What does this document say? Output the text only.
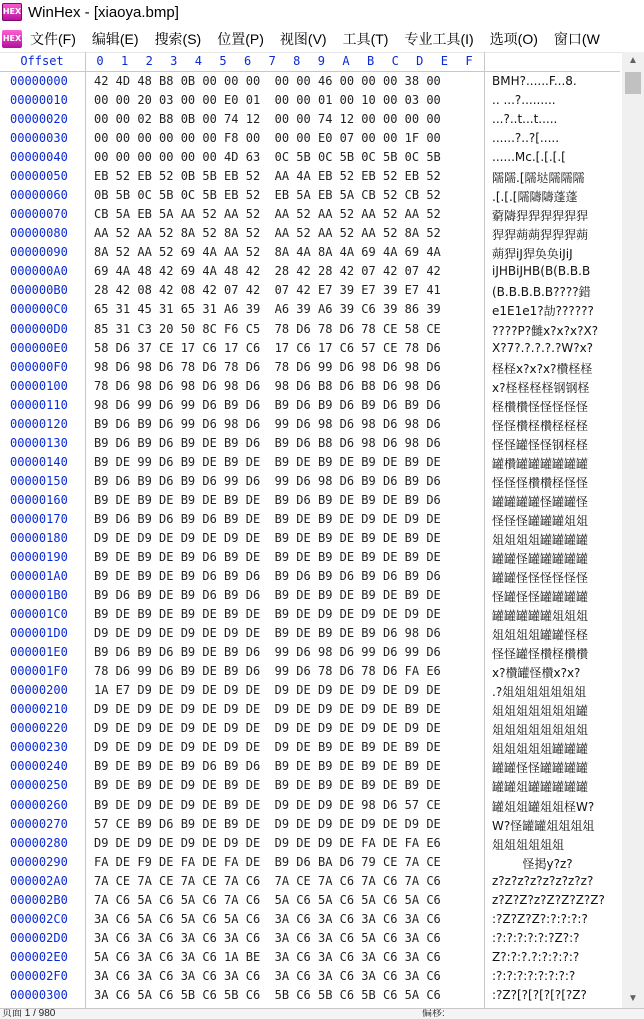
HEX WinHex - [xiaoya.bmp]
HEX 文件(F)	编辑(E)	搜索(S)	位置(P)	视图(V)	工具(T)	专业工具(I)	选项(O)	窗口(W
Offset	0	1	2	3	4	5	6	7	8	9	A	B	C	D	E	F
00000000 42 4D 48 B8 0B 00 00 00  00 00 46 00 00 00 38 00	BMH?......F...8.
00000010 00 00 20 03 00 00 E0 01  00 00 01 00 10 00 03 00	.. ...?.........
00000020 00 00 02 B8 0B 00 74 12  00 00 74 12 00 00 00 00	...?..t...t.....
00000030 00 00 00 00 00 00 F8 00  00 00 E0 07 00 00 1F 00	......?..?[.....
00000040 00 00 00 00 00 00 4D 63  0C 5B 0C 5B 0C 5B 0C 5B	......Mc.[.[.[.[
00000050 EB 52 EB 52 0B 5B EB 52  AA 4A EB 52 EB 52 EB 52	隭隭.[隭垯隭隭隭
00000060 0B 5B 0C 5B 0C 5B EB 52  EB 5A EB 5A CB 52 CB 52	.[.[.[隭隯隯蓬蓬
00000070 CB 5A EB 5A AA 52 AA 52  AA 52 AA 52 AA 52 AA 52	藭隯猂猂猂猂猂猂
00000080 AA 52 AA 52 8A 52 8A 52  AA 52 AA 52 AA 52 8A 52	猂猂蒴蒴猂猂猂蒴
00000090 8A 52 AA 52 69 4A AA 52  8A 4A 8A 4A 69 4A 69 4A	蒴猂iJ猂奂奂iJiJ
000000A0 69 4A 48 42 69 4A 48 42  28 42 28 42 07 42 07 42	iJHBiJHB(B(B.B.B
000000B0 28 42 08 42 08 42 07 42  07 42 E7 39 E7 39 E7 41	(B.B.B.B.B????錯
000000C0 65 31 45 31 65 31 A6 39  A6 39 A6 39 C6 39 86 39	e1E1e1?劼??????
000000D0 85 31 C3 20 50 8C F6 C5  78 D6 78 D6 78 CE 58 CE	????P?雠x?x?x?X?
000000E0 58 D6 37 CE 17 C6 17 C6  17 C6 17 C6 57 CE 78 D6	X?7?.?.?.?.?W?x?
000000F0 98 D6 98 D6 78 D6 78 D6  78 D6 99 D6 98 D6 98 D6	柽柽x?x?x?欑柽柽
00000100 78 D6 98 D6 98 D6 98 D6  98 D6 B8 D6 B8 D6 98 D6	x?柽柽柽柽钢钢柽
00000110 98 D6 99 D6 99 D6 B9 D6  B9 D6 B9 D6 B9 D6 B9 D6	柽欑欑怪怪怪怪怪
00000120 B9 D6 B9 D6 99 D6 98 D6  99 D6 98 D6 98 D6 98 D6	怪怪欑柽欑柽柽柽
00000130 B9 D6 B9 D6 B9 DE B9 D6  B9 D6 B8 D6 98 D6 98 D6	怪怪罐怪怪钢柽柽
00000140 B9 DE 99 D6 B9 DE B9 DE  B9 DE B9 DE B9 DE B9 DE	罐欑罐罐罐罐罐罐
00000150 B9 D6 B9 D6 B9 D6 99 D6  99 D6 98 D6 B9 D6 B9 D6	怪怪怪欑欑柽怪怪
00000160 B9 DE B9 DE B9 DE B9 DE  B9 D6 B9 DE B9 DE B9 D6	罐罐罐罐怪罐罐怪
00000170 B9 D6 B9 D6 B9 D6 B9 DE  B9 DE B9 DE D9 DE D9 DE	怪怪怪罐罐罐俎俎
00000180 D9 DE D9 DE D9 DE D9 DE  B9 DE B9 DE B9 DE B9 DE	俎俎俎俎罐罐罐罐
00000190 B9 DE B9 DE B9 D6 B9 DE  B9 DE B9 DE B9 DE B9 DE	罐罐怪罐罐罐罐罐
000001A0 B9 DE B9 DE B9 D6 B9 D6  B9 D6 B9 D6 B9 D6 B9 D6	罐罐怪怪怪怪怪怪
000001B0 B9 D6 B9 DE B9 D6 B9 D6  B9 DE B9 DE B9 DE B9 DE	怪罐怪怪罐罐罐罐
000001C0 B9 DE B9 DE B9 DE B9 DE  B9 DE D9 DE D9 DE D9 DE	罐罐罐罐罐俎俎俎
000001D0 D9 DE D9 DE D9 DE D9 DE  B9 DE B9 DE B9 D6 98 D6	俎俎俎俎罐罐怪柽
000001E0 B9 D6 B9 D6 B9 DE B9 D6  99 D6 98 D6 99 D6 99 D6	怪怪罐怪欑柽欑欑
000001F0 78 D6 99 D6 B9 DE B9 D6  99 D6 78 D6 78 D6 FA E6	x?欑罐怪欑x?x?
00000200 1A E7 D9 DE D9 DE D9 DE  D9 DE D9 DE D9 DE D9 DE	.?俎俎俎俎俎俎俎
00000210 D9 DE D9 DE D9 DE D9 DE  D9 DE D9 DE D9 DE B9 DE	俎俎俎俎俎俎俎罐
00000220 D9 DE D9 DE D9 DE D9 DE  D9 DE D9 DE D9 DE D9 DE	俎俎俎俎俎俎俎俎
00000230 D9 DE D9 DE D9 DE D9 DE  D9 DE B9 DE B9 DE B9 DE	俎俎俎俎俎罐罐罐
00000240 B9 DE B9 DE B9 D6 B9 D6  B9 DE B9 DE B9 DE B9 DE	罐罐怪怪罐罐罐罐
00000250 B9 DE B9 DE D9 DE B9 DE  B9 DE B9 DE B9 DE B9 DE	罐罐俎罐罐罐罐罐
00000260 B9 DE D9 DE D9 DE B9 DE  D9 DE D9 DE 98 D6 57 CE	罐俎俎罐俎俎柽W?
00000270 57 CE B9 D6 B9 DE B9 DE  D9 DE D9 DE D9 DE D9 DE	W?怪罐罐俎俎俎俎
00000280 D9 DE D9 DE D9 DE D9 DE  D9 DE D9 DE FA DE FA E6	俎俎俎俎俎俎
00000290 FA DE F9 DE FA DE FA DE  B9 D6 BA D6 79 CE 7A CE	怪掲y?z?
000002A0 7A CE 7A CE 7A CE 7A C6  7A CE 7A C6 7A C6 7A C6	z?z?z?z?z?z?z?z?
000002B0 7A C6 5A C6 5A C6 7A C6  5A C6 5A C6 5A C6 5A C6	z?Z?Z?z?Z?Z?Z?Z?
000002C0 3A C6 5A C6 5A C6 5A C6  3A C6 3A C6 3A C6 3A C6	:?Z?Z?Z?:?:?:?:?
000002D0 3A C6 3A C6 3A C6 3A C6  3A C6 3A C6 5A C6 3A C6	:?:?:?:?:?:?Z?:?
000002E0 5A C6 3A C6 3A C6 1A BE  3A C6 3A C6 3A C6 3A C6	Z?:?:?.?:?:?:?:?
000002F0 3A C6 3A C6 3A C6 3A C6  3A C6 3A C6 3A C6 3A C6	:?:?:?:?:?:?:?:?
00000300 3A C6 5A C6 5B C6 5B C6  5B C6 5B C6 5B C6 5A C6	:?Z?[?[?[?[?[?Z?
▲
▼
页面 1 / 980	偏移:
